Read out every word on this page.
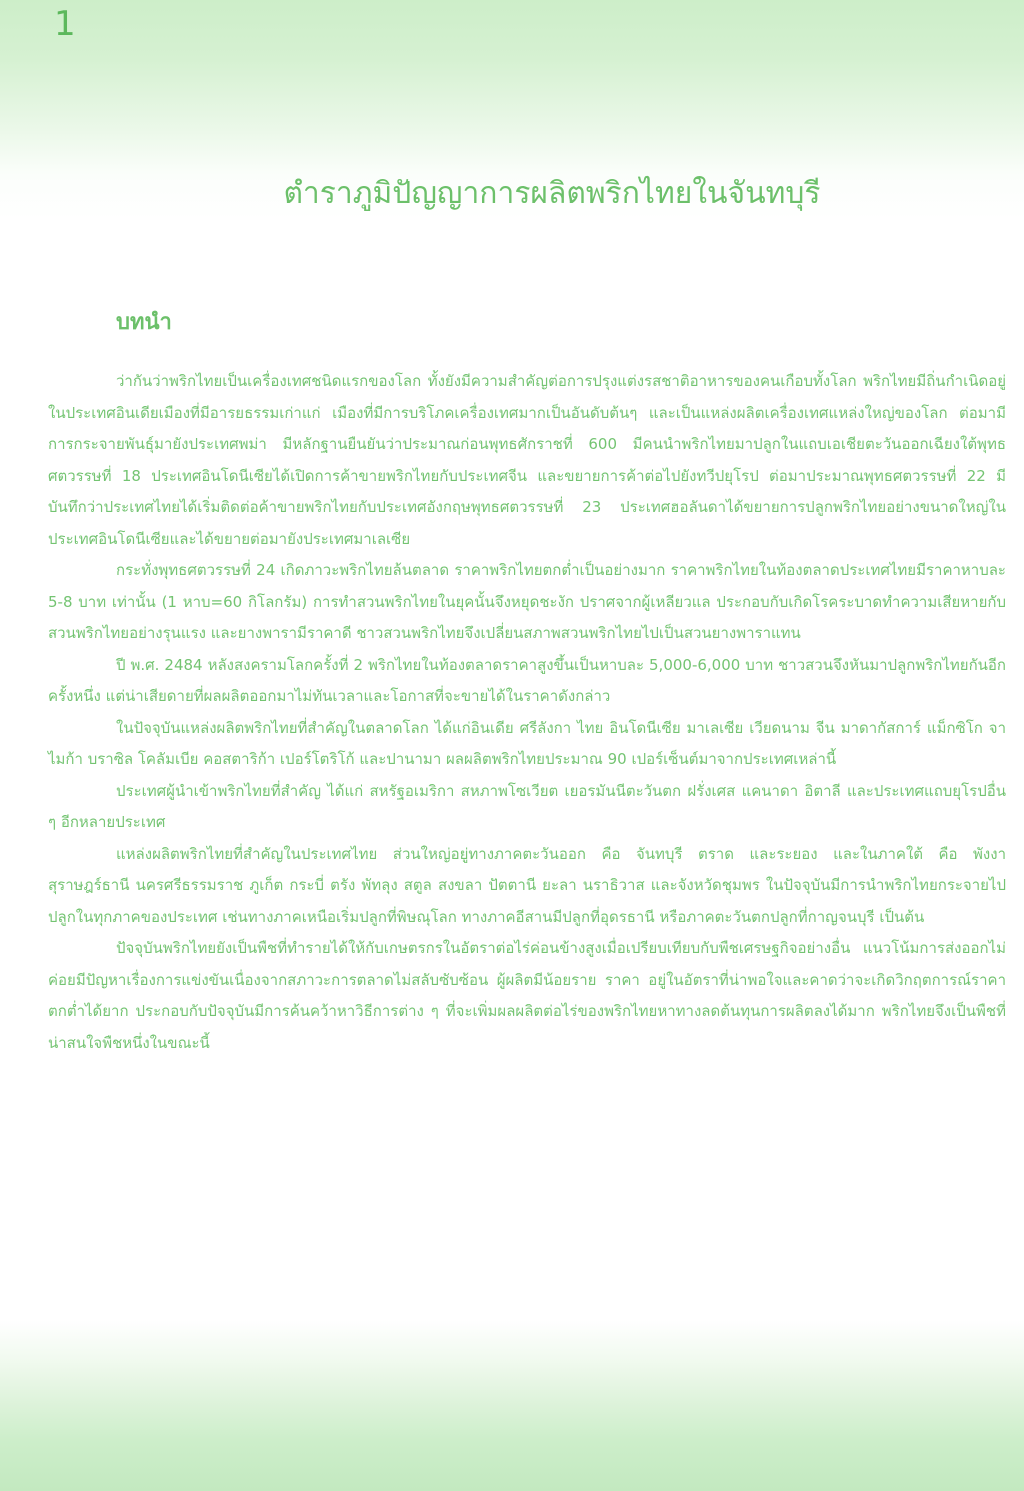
1
ตำราภูมิปัญญาการผลิตพริกไทยในจันทบุรี
บทนำ

ว่ากันว่าพริกไทยเป็นเครื่องเทศชนิดแรกของโลก ทั้งยังมีความสำคัญต่อการปรุงแต่งรสชาติอาหารของคนเกือบทั้งโลก พริกไทยมีถิ่นกำเนิดอยู่ในประเทศอินเดียเมืองที่มีอารยธรรมเก่าแก่ เมืองที่มีการบริโภคเครื่องเทศมากเป็นอันดับต้นๆ และเป็นแหล่งผลิตเครื่องเทศแหล่งใหญ่ของโลก ต่อมามีการกระจายพันธุ์มายังประเทศพม่า มีหลักฐานยืนยันว่าประมาณก่อนพุทธศักราชที่ 600 มีคนนำพริกไทยมาปลูกในแถบเอเชียตะวันออกเฉียงใต้พุทธศตวรรษที่ 18 ประเทศอินโดนีเซียได้เปิดการค้าขายพริกไทยกับประเทศจีน และขยายการค้าต่อไปยังทวีปยุโรป ต่อมาประมาณพุทธศตวรรษที่ 22 มีบันทึกว่าประเทศไทยได้เริ่มติดต่อค้าขายพริกไทยกับประเทศอังกฤษพุทธศตวรรษที่ 23 ประเทศฮอลันดาได้ขยายการปลูกพริกไทยอย่างขนาดใหญ่ในประเทศอินโดนีเซียและได้ขยายต่อมายังประเทศมาเลเซีย

กระทั่งพุทธศตวรรษที่ 24 เกิดภาวะพริกไทยล้นตลาด ราคาพริกไทยตกต่ำเป็นอย่างมาก ราคาพริกไทยในท้องตลาดประเทศไทยมีราคาหาบละ 5-8 บาท เท่านั้น (1 หาบ=60 กิโลกรัม) การทำสวนพริกไทยในยุคนั้นจึงหยุดชะงัก ปราศจากผู้เหลียวแล ประกอบกับเกิดโรคระบาดทำความเสียหายกับสวนพริกไทยอย่างรุนแรง และยางพารามีราคาดี ชาวสวนพริกไทยจึงเปลี่ยนสภาพสวนพริกไทยไปเป็นสวนยางพาราแทน

ปี พ.ศ. 2484 หลังสงครามโลกครั้งที่ 2 พริกไทยในท้องตลาดราคาสูงขึ้นเป็นหาบละ 5,000-6,000 บาท ชาวสวนจึงหันมาปลูกพริกไทยกันอีกครั้งหนึ่ง แต่น่าเสียดายที่ผลผลิตออกมาไม่ทันเวลาและโอกาสที่จะขายได้ในราคาดังกล่าว

ในปัจจุบันแหล่งผลิตพริกไทยที่สำคัญในตลาดโลก ได้แก่อินเดีย ศรีลังกา ไทย อินโดนีเซีย มาเลเซีย เวียดนาม จีน มาดากัสการ์ แม็กซิโก จาไมก้า บราซิล โคลัมเบีย คอสตาริก้า เปอร์โตริโก้ และปานามา ผลผลิตพริกไทยประมาณ 90 เปอร์เซ็นต์มาจากประเทศเหล่านี้

ประเทศผู้นำเข้าพริกไทยที่สำคัญ ได้แก่ สหรัฐอเมริกา สหภาพโซเวียต เยอรมันนีตะวันตก ฝรั่งเศส แคนาดา อิตาลี และประเทศแถบยุโรปอื่น ๆ อีกหลายประเทศ

แหล่งผลิตพริกไทยที่สำคัญในประเทศไทย ส่วนใหญ่อยู่ทางภาคตะวันออก คือ จันทบุรี ตราด และระยอง และในภาคใต้ คือ พังงา สุราษฎร์ธานี นครศรีธรรมราช ภูเก็ต กระบี่ ตรัง พัทลุง สตูล สงขลา ปัตตานี ยะลา นราธิวาส และจังหวัดชุมพร ในปัจจุบันมีการนำพริกไทยกระจายไปปลูกในทุกภาคของประเทศ เช่นทางภาคเหนือเริ่มปลูกที่พิษณุโลก ทางภาคอีสานมีปลูกที่อุดรธานี หรือภาคตะวันตกปลูกที่กาญจนบุรี เป็นต้น

ปัจจุบันพริกไทยยังเป็นพืชที่ทำรายได้ให้กับเกษตรกรในอัตราต่อไร่ค่อนข้างสูงเมื่อเปรียบเทียบกับพืชเศรษฐกิจอย่างอื่น แนวโน้มการส่งออกไม่ค่อยมีปัญหาเรื่องการแข่งขันเนื่องจากสภาวะการตลาดไม่สลับซับซ้อน ผู้ผลิตมีน้อยราย ราคา อยู่ในอัตราที่น่าพอใจและคาดว่าจะเกิดวิกฤตการณ์ราคาตกต่ำได้ยาก ประกอบกับปัจจุบันมีการค้นคว้าหาวิธีการต่าง ๆ ที่จะเพิ่มผลผลิตต่อไร่ของพริกไทยหาทางลดต้นทุนการผลิตลงได้มาก พริกไทยจึงเป็นพืชที่น่าสนใจพืชหนึ่งในขณะนี้
